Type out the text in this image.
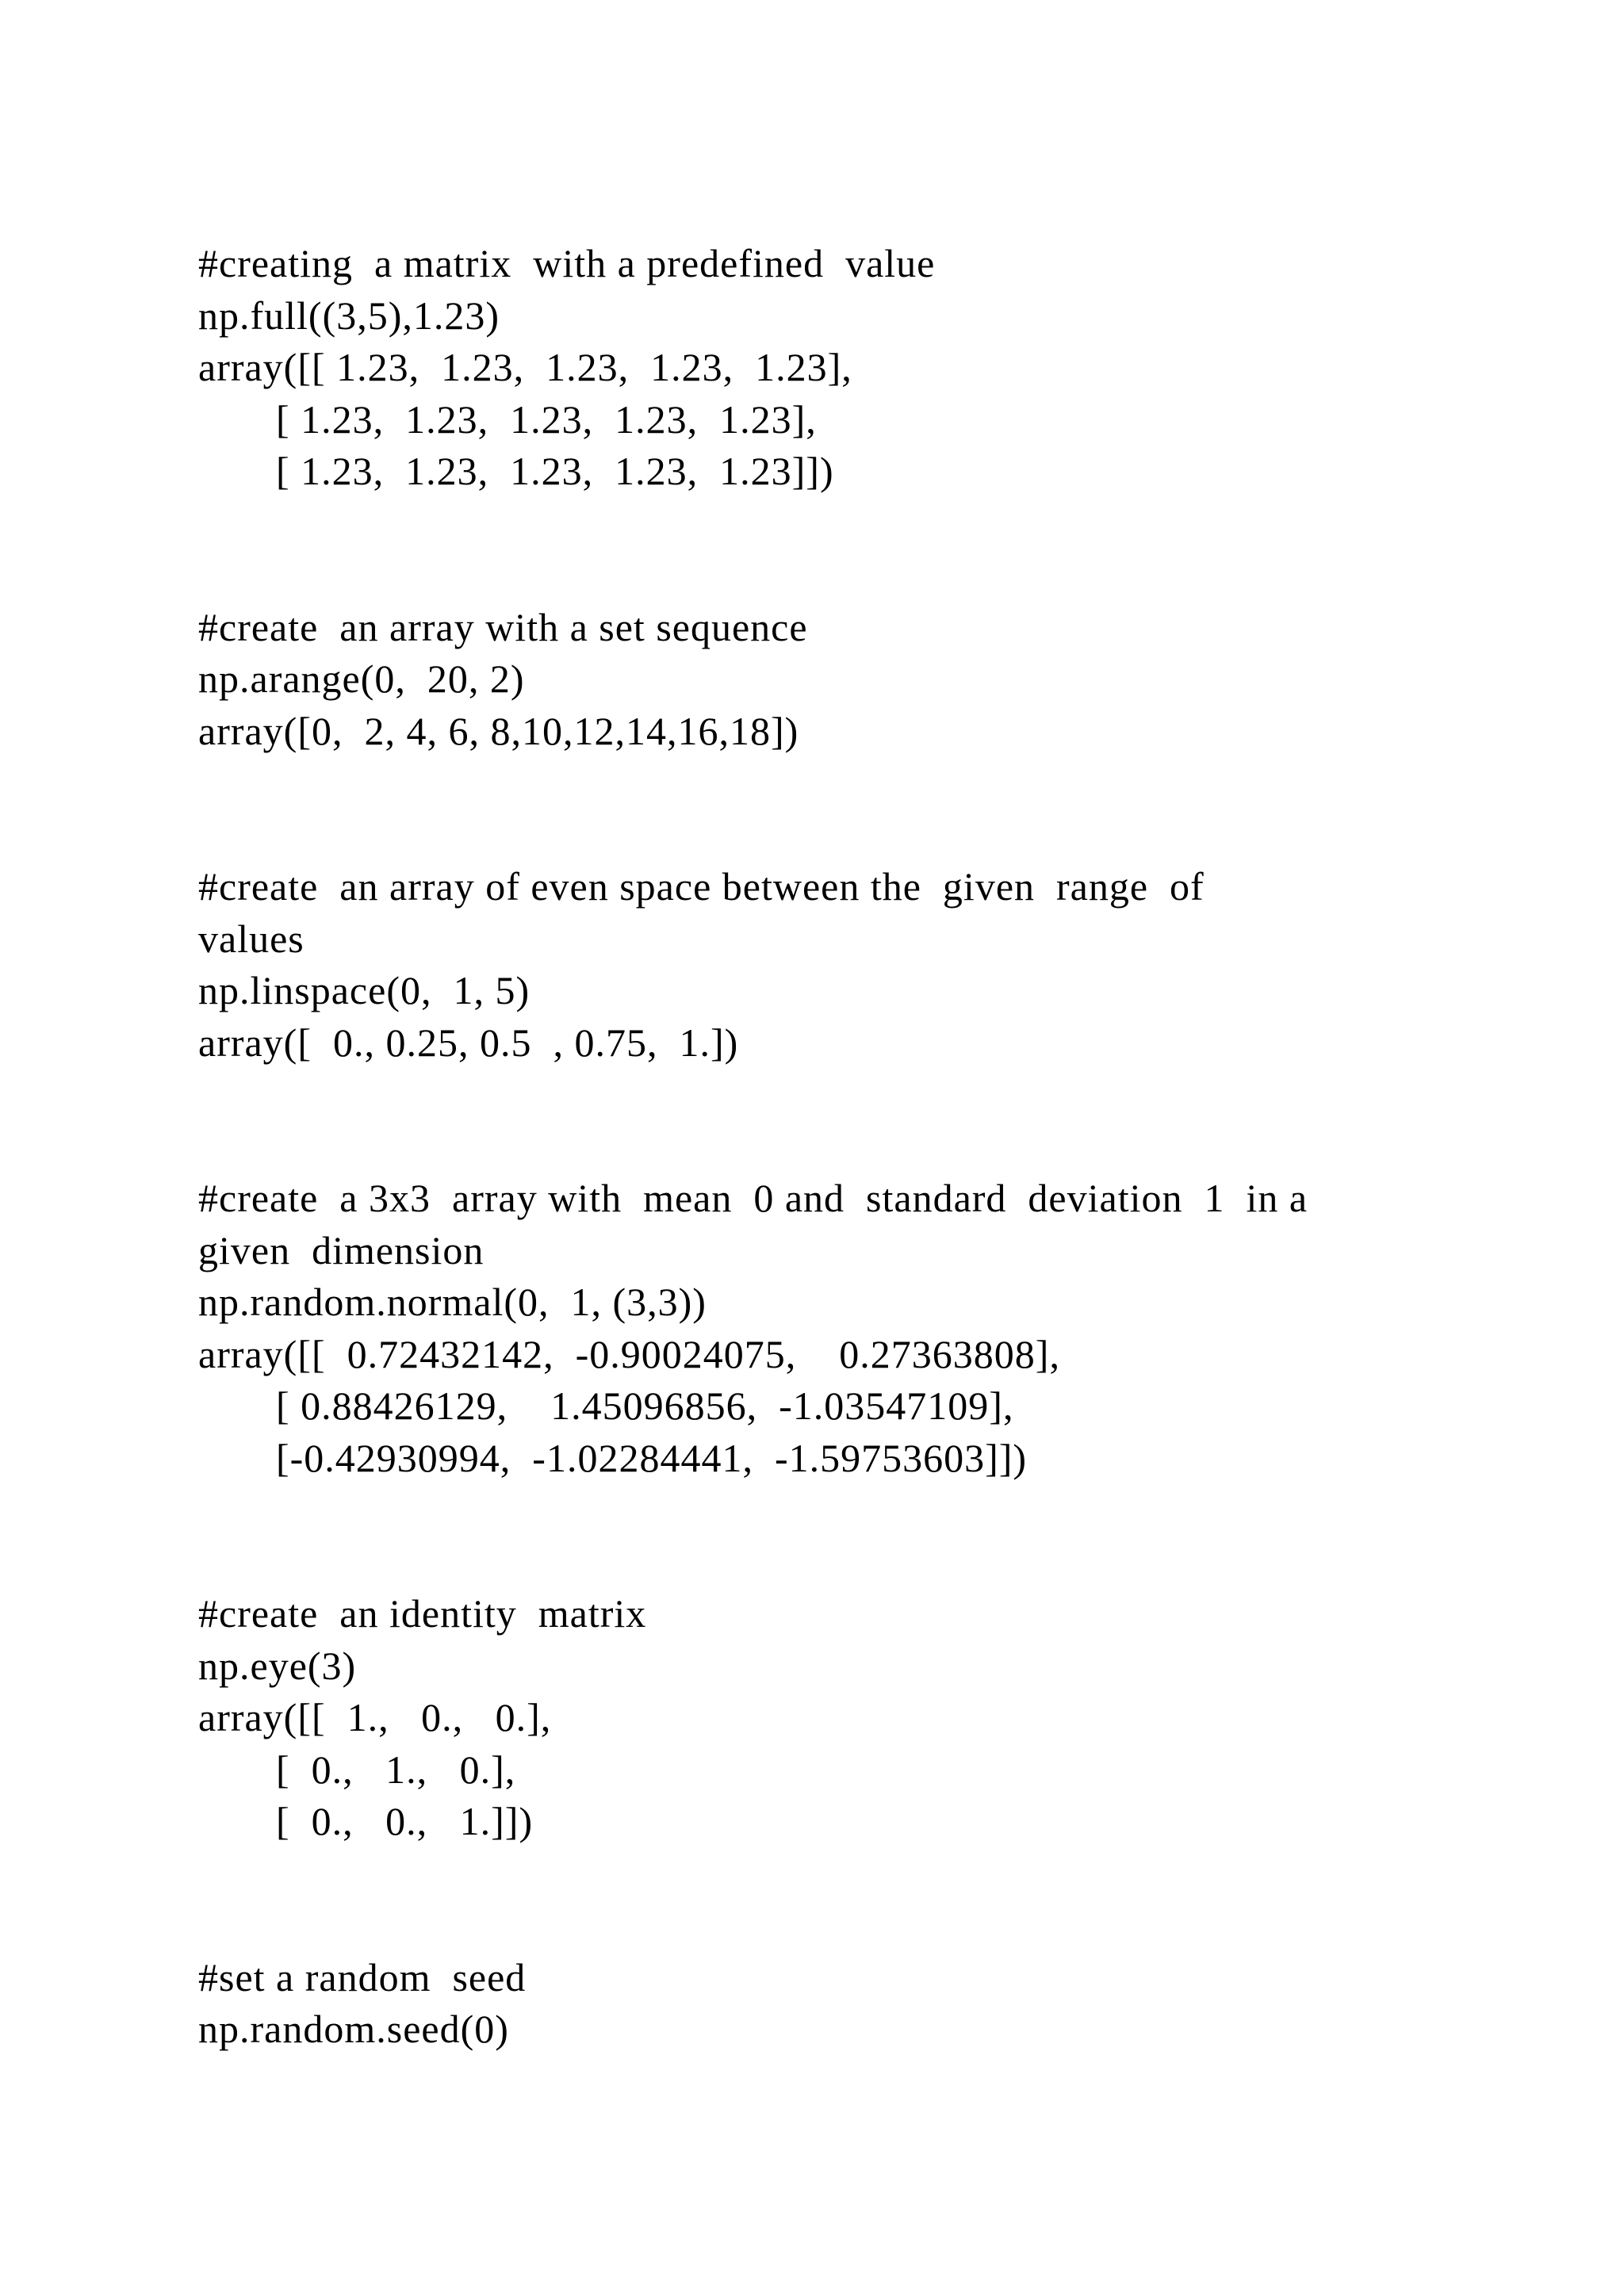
#creating  a matrix  with a predefined  value
np.full((3,5),1.23)
array([[ 1.23,  1.23,  1.23,  1.23,  1.23],
[ 1.23,  1.23,  1.23,  1.23,  1.23],
[ 1.23,  1.23,  1.23,  1.23,  1.23]])
#create  an array with a set sequence
np.arange(0,  20, 2)
array([0,  2, 4, 6, 8,10,12,14,16,18])
#create  an array of even space between the  given  range  of
values
np.linspace(0,  1, 5)
array([  0., 0.25, 0.5  , 0.75,  1.])
#create  a 3x3  array with  mean  0 and  standard  deviation  1  in a
given  dimension
np.random.normal(0,  1, (3,3))
array([[  0.72432142,  -0.90024075,    0.27363808],
[ 0.88426129,    1.45096856,  -1.03547109],
[-0.42930994,  -1.02284441,  -1.59753603]])
#create  an identity  matrix
np.eye(3)
array([[  1.,   0.,   0.],
[  0.,   1.,   0.],
[  0.,   0.,   1.]])
#set a random  seed
np.random.seed(0)
